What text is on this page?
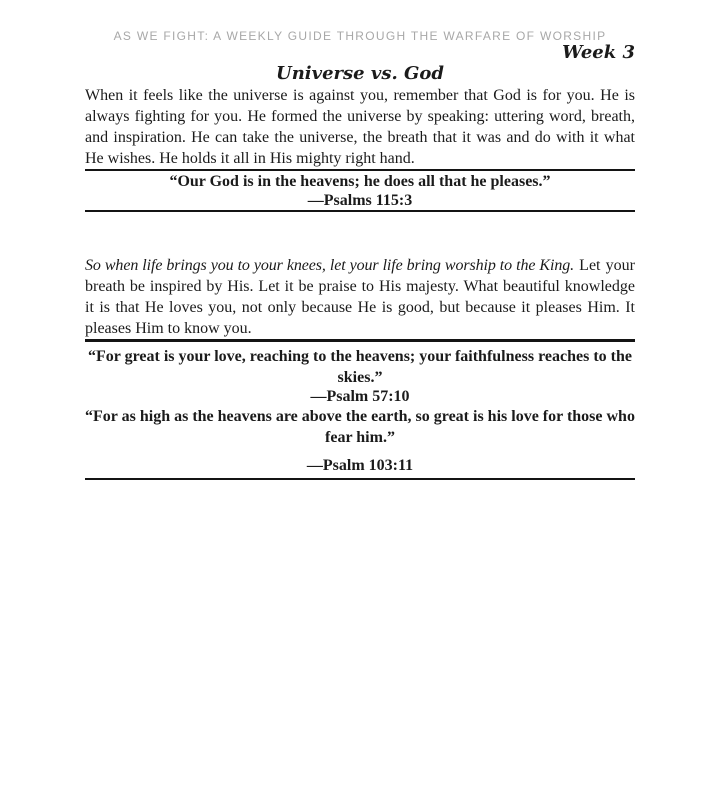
AS WE FIGHT: A WEEKLY GUIDE THROUGH THE WARFARE OF WORSHIP
Week 3
Universe vs. God

When it feels like the universe is against you, remember that God is for you. He is always fighting for you. He formed the universe by speaking: uttering word, breath, and inspiration. He can take the universe, the breath that it was and do with it what He wishes. He holds it all in His mighty right hand.

“Our God is in the heavens; he does all that he pleases.”

—Psalms 115:3

So when life brings you to your knees, let your life bring worship to the King. Let your breath be inspired by His. Let it be praise to His majesty. What beautiful knowledge it is that He loves you, not only because He is good, but because it pleases Him. It pleases Him to know you.

“For great is your love, reaching to the heavens; your faithfulness reaches to the skies.”

—Psalm 57:10

“For as high as the heavens are above the earth, so great is his love for those who fear him.”

—Psalm 103:11
